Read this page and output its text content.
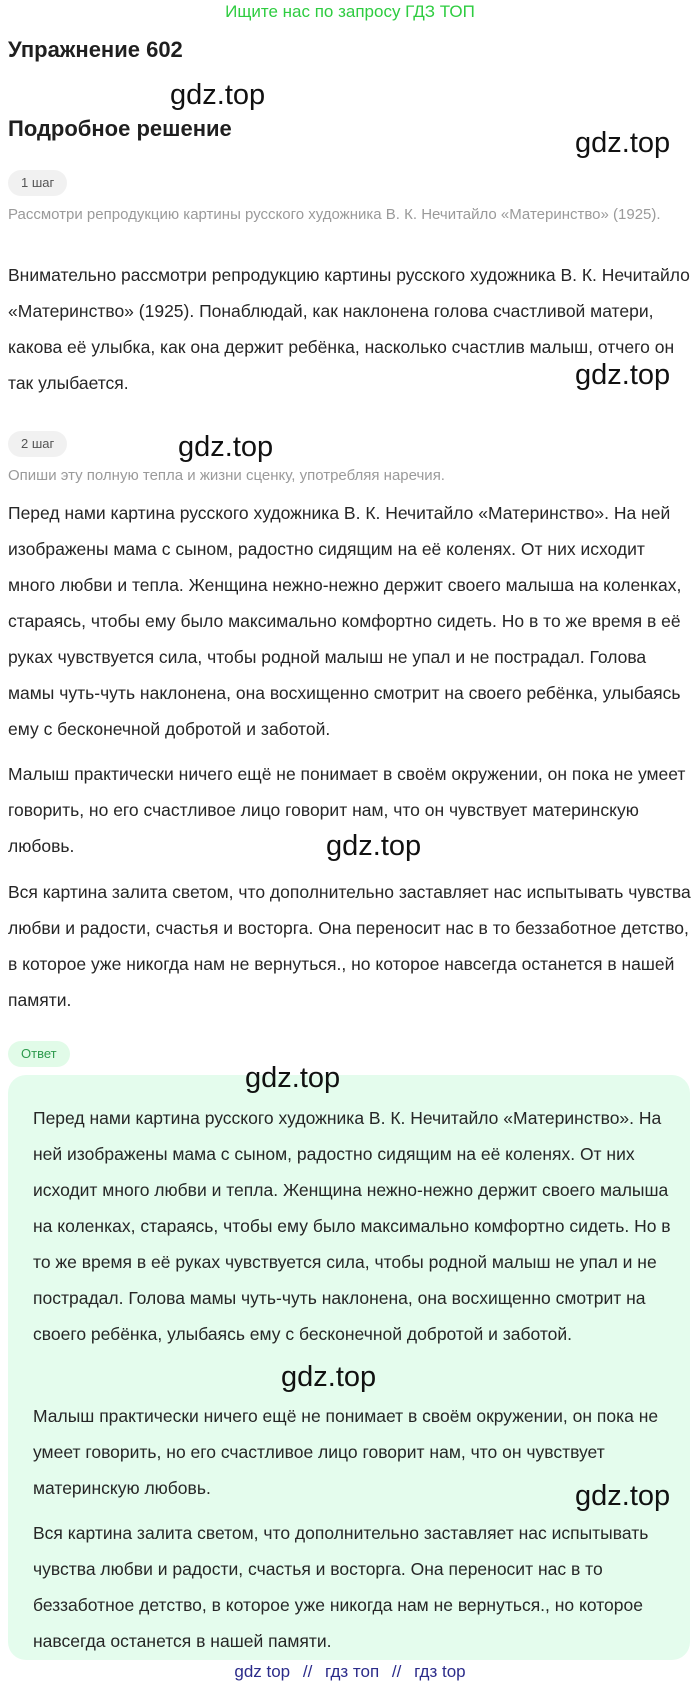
Ищите нас по запросу ГДЗ ТОП
Упражнение 602
Подробное решение
1 шаг

Рассмотри репродукцию картины русского художника В. К. Нечитайло «Материнство» (1925).

Внимательно рассмотри репродукцию картины русского художника В. К. Нечитайло «Материнство» (1925). Понаблюдай, как наклонена голова счастливой матери, какова её улыбка, как она держит ребёнка, насколько счастлив малыш, отчего он так улыбается.

2 шаг

Опиши эту полную тепла и жизни сценку, употребляя наречия.

Перед нами картина русского художника В. К. Нечитайло «Материнство». На ней изображены мама с сыном, радостно сидящим на её коленях. От них исходит много любви и тепла. Женщина нежно-нежно держит своего малыша на коленках, стараясь, чтобы ему было максимально комфортно сидеть. Но в то же время в её руках чувствуется сила, чтобы родной малыш не упал и не пострадал. Голова мамы чуть-чуть наклонена, она восхищенно смотрит на своего ребёнка, улыбаясь ему с бесконечной добротой и заботой.

Малыш практически ничего ещё не понимает в своём окружении, он пока не умеет говорить, но его счастливое лицо говорит нам, что он чувствует материнскую любовь.

Вся картина залита светом, что дополнительно заставляет нас испытывать чувства любви и радости, счастья и восторга. Она переносит нас в то беззаботное детство, в которое уже никогда нам не вернуться., но которое навсегда останется в нашей памяти.

Ответ

Перед нами картина русского художника В. К. Нечитайло «Материнство». На ней изображены мама с сыном, радостно сидящим на её коленях. От них исходит много любви и тепла. Женщина нежно-нежно держит своего малыша на коленках, стараясь, чтобы ему было максимально комфортно сидеть. Но в то же время в её руках чувствуется сила, чтобы родной малыш не упал и не пострадал. Голова мамы чуть-чуть наклонена, она восхищенно смотрит на своего ребёнка, улыбаясь ему с бесконечной добротой и заботой.

Малыш практически ничего ещё не понимает в своём окружении, он пока не умеет говорить, но его счастливое лицо говорит нам, что он чувствует материнскую любовь.

Вся картина залита светом, что дополнительно заставляет нас испытывать чувства любви и радости, счастья и восторга. Она переносит нас в то беззаботное детство, в которое уже никогда нам не вернуться., но которое навсегда останется в нашей памяти.

gdz.top
gdz.top
gdz.top
gdz.top
gdz.top
gdz.top
gdz.top
gdz.top
gdz top // гдз топ // гдз top
